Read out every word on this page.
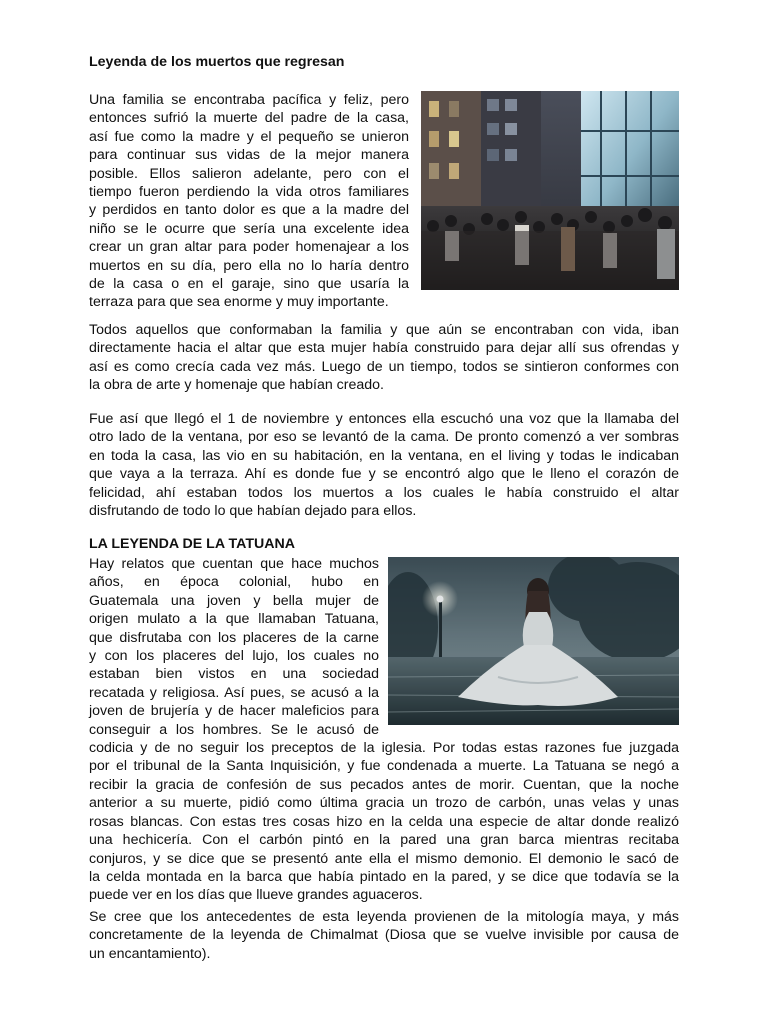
Leyenda de los muertos que regresan
Una familia se encontraba pacífica y feliz, pero
entonces sufrió la muerte del padre de la casa,
así fue como la madre y el pequeño se unieron
para continuar sus vidas de la mejor manera
posible. Ellos salieron adelante, pero con el
tiempo fueron perdiendo la vida otros familiares
y perdidos en tanto dolor es que a la madre del
niño se le ocurre que sería una excelente idea
crear un gran altar para poder homenajear a los
muertos en su día, pero ella no lo haría dentro
de la casa o en el garaje, sino que usaría la
terraza para que sea enorme y muy importante.
Todos aquellos que conformaban la familia y que aún se encontraban con vida, iban
directamente hacia el altar que esta mujer había construido para dejar allí sus ofrendas y
así es como crecía cada vez más. Luego de un tiempo, todos se sintieron conformes con
la obra de arte y homenaje que habían creado.
Fue así que llegó el 1 de noviembre y entonces ella escuchó una voz que la llamaba del
otro lado de la ventana, por eso se levantó de la cama. De pronto comenzó a ver sombras
en toda la casa, las vio en su habitación, en la ventana, en el living y todas le indicaban
que vaya a la terraza. Ahí es donde fue y se encontró algo que le lleno el corazón de
felicidad, ahí estaban todos los muertos a los cuales le había construido el altar
disfrutando de todo lo que habían dejado para ellos.
LA LEYENDA DE LA TATUANA
Hay relatos que cuentan que hace muchos
años, en época colonial, hubo en
Guatemala una joven y bella mujer de
origen mulato a la que llamaban Tatuana,
que disfrutaba con los placeres de la carne
y con los placeres del lujo, los cuales no
estaban bien vistos en una sociedad
recatada y religiosa. Así pues, se acusó a la
joven de brujería y de hacer maleficios para
conseguir a los hombres. Se le acusó de
codicia y de no seguir los preceptos de la iglesia. Por todas estas razones fue juzgada
por el tribunal de la Santa Inquisición, y fue condenada a muerte. La Tatuana se negó a
recibir la gracia de confesión de sus pecados antes de morir. Cuentan, que la noche
anterior a su muerte, pidió como última gracia un trozo de carbón, unas velas y unas
rosas blancas. Con estas tres cosas hizo en la celda una especie de altar donde realizó
una hechicería. Con el carbón pintó en la pared una gran barca mientras recitaba
conjuros, y se dice que se presentó ante ella el mismo demonio. El demonio le sacó de
la celda montada en la barca que había pintado en la pared, y se dice que todavía se la
puede ver en los días que llueve grandes aguaceros.
Se cree que los antecedentes de esta leyenda provienen de la mitología maya, y más
concretamente de la leyenda de Chimalmat (Diosa que se vuelve invisible por causa de
un encantamiento).
